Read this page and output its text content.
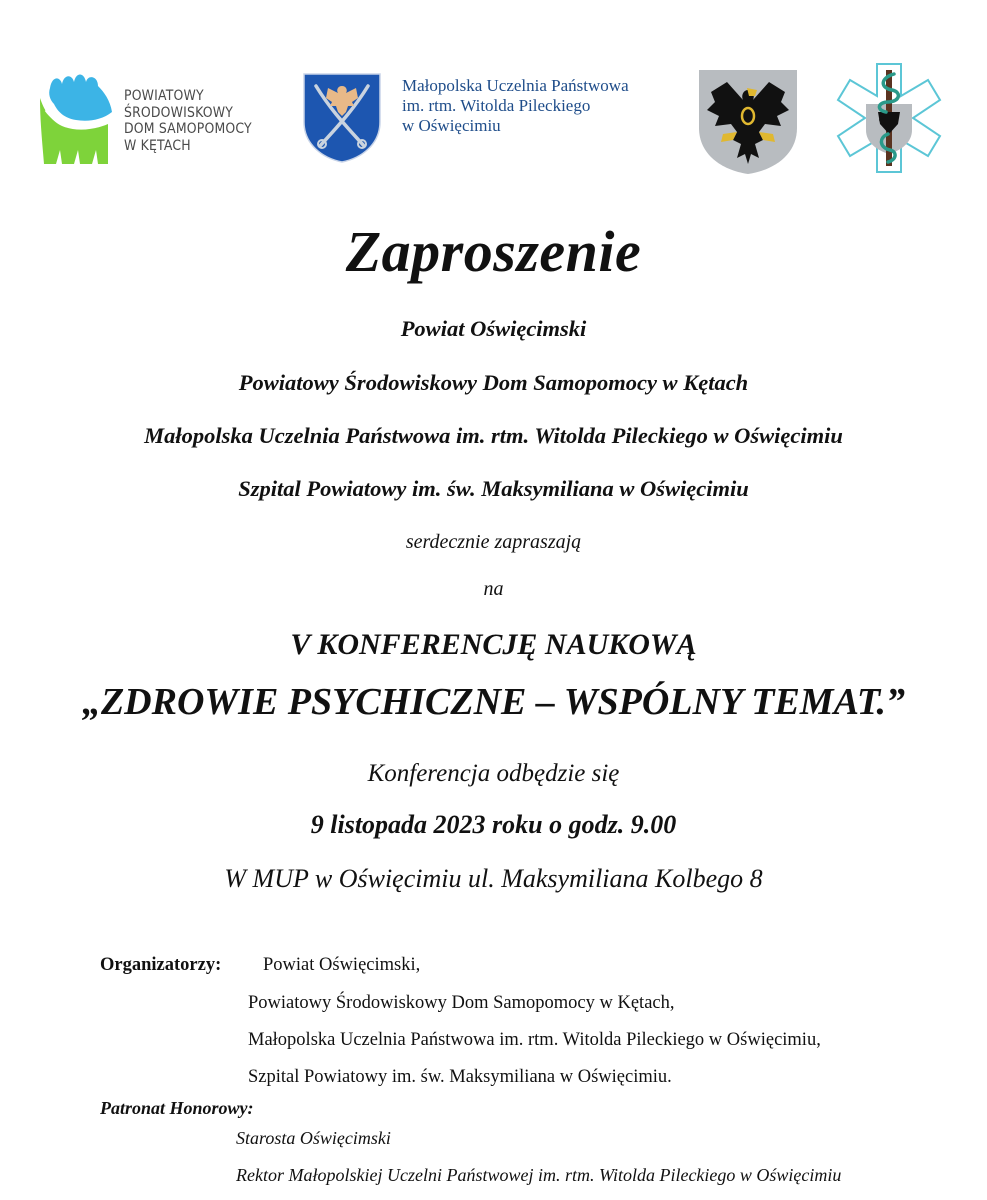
POWIATOWY
ŚRODOWISKOWY
DOM SAMOPOMOCY
W KĘTACH
Małopolska Uczelnia Państwowa
im. rtm. Witolda Pileckiego
w Oświęcimiu
Zaproszenie
Powiat Oświęcimski
Powiatowy Środowiskowy Dom Samopomocy w Kętach
Małopolska Uczelnia Państwowa im. rtm. Witolda Pileckiego w Oświęcimiu
Szpital Powiatowy im. św. Maksymiliana w Oświęcimiu
serdecznie zapraszają
na
V KONFERENCJĘ NAUKOWĄ
„ZDROWIE PSYCHICZNE – WSPÓLNY TEMAT.”
Konferencja odbędzie się
9 listopada 2023 roku o godz. 9.00
W MUP w Oświęcimiu ul. Maksymiliana Kolbego 8
Organizatorzy: Powiat Oświęcimski,
Powiatowy Środowiskowy Dom Samopomocy w Kętach,
Małopolska Uczelnia Państwowa im. rtm. Witolda Pileckiego w Oświęcimiu,
Szpital Powiatowy im. św. Maksymiliana w Oświęcimiu.
Patronat Honorowy:
Starosta Oświęcimski
Rektor Małopolskiej Uczelni Państwowej im. rtm. Witolda Pileckiego w Oświęcimiu
